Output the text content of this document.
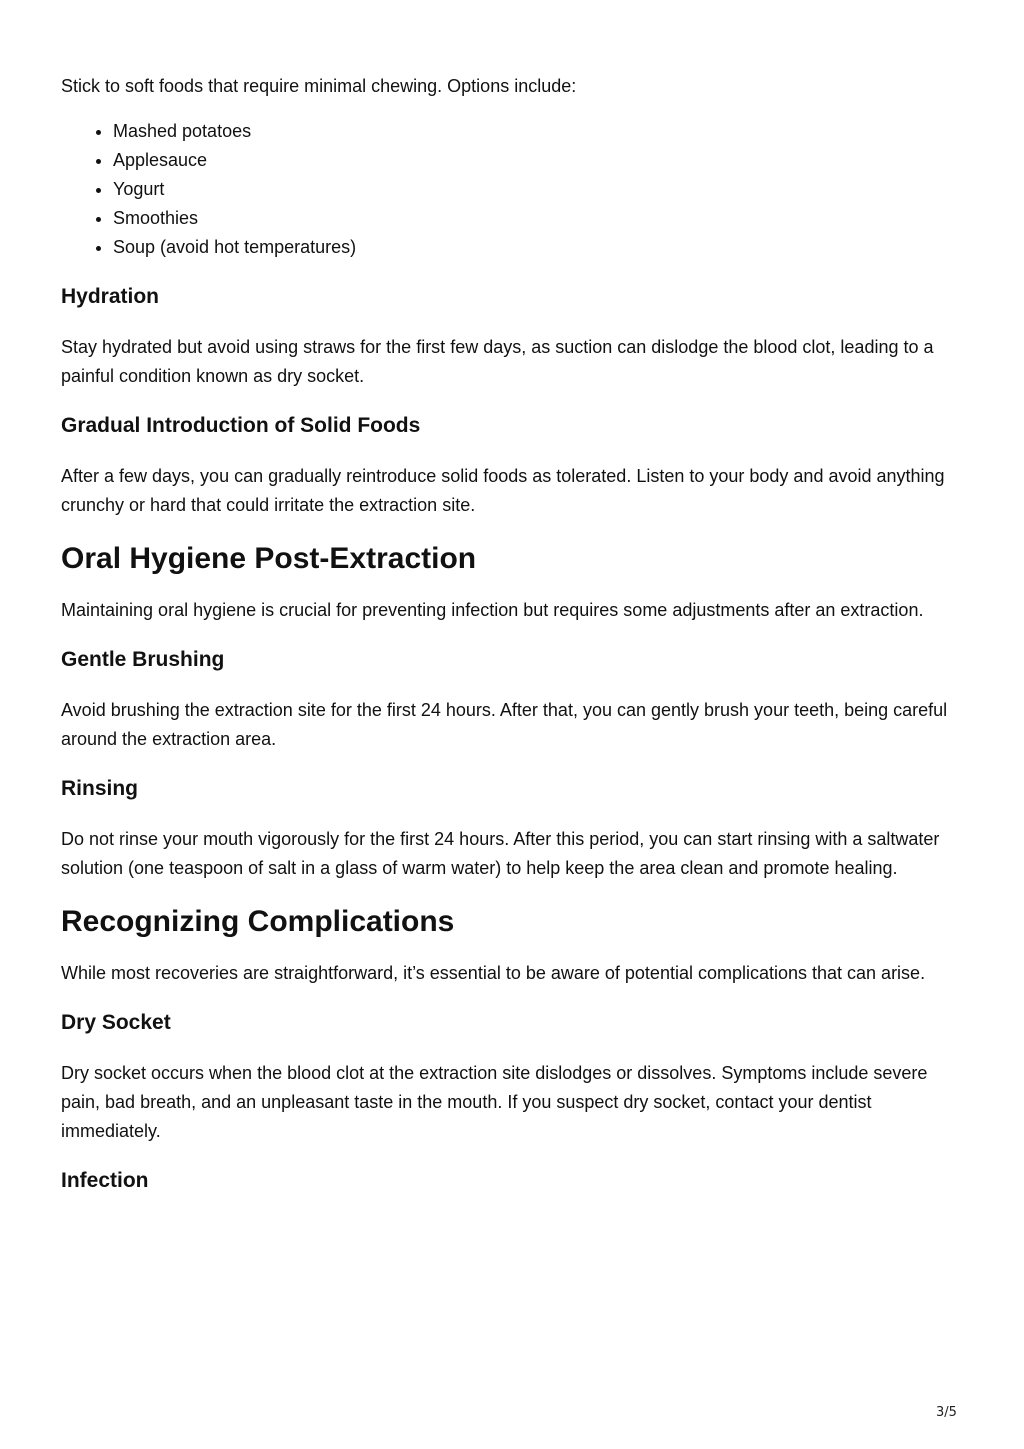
Stick to soft foods that require minimal chewing. Options include:

• Mashed potatoes
• Applesauce
• Yogurt
• Smoothies
• Soup (avoid hot temperatures)
Hydration

Stay hydrated but avoid using straws for the first few days, as suction can dislodge the blood clot, leading to a painful condition known as dry socket.

Gradual Introduction of Solid Foods

After a few days, you can gradually reintroduce solid foods as tolerated. Listen to your body and avoid anything crunchy or hard that could irritate the extraction site.

Oral Hygiene Post-Extraction

Maintaining oral hygiene is crucial for preventing infection but requires some adjustments after an extraction.

Gentle Brushing

Avoid brushing the extraction site for the first 24 hours. After that, you can gently brush your teeth, being careful around the extraction area.

Rinsing

Do not rinse your mouth vigorously for the first 24 hours. After this period, you can start rinsing with a saltwater solution (one teaspoon of salt in a glass of warm water) to help keep the area clean and promote healing.

Recognizing Complications

While most recoveries are straightforward, it’s essential to be aware of potential complications that can arise.

Dry Socket

Dry socket occurs when the blood clot at the extraction site dislodges or dissolves. Symptoms include severe pain, bad breath, and an unpleasant taste in the mouth. If you suspect dry socket, contact your dentist immediately.

Infection
3/5
